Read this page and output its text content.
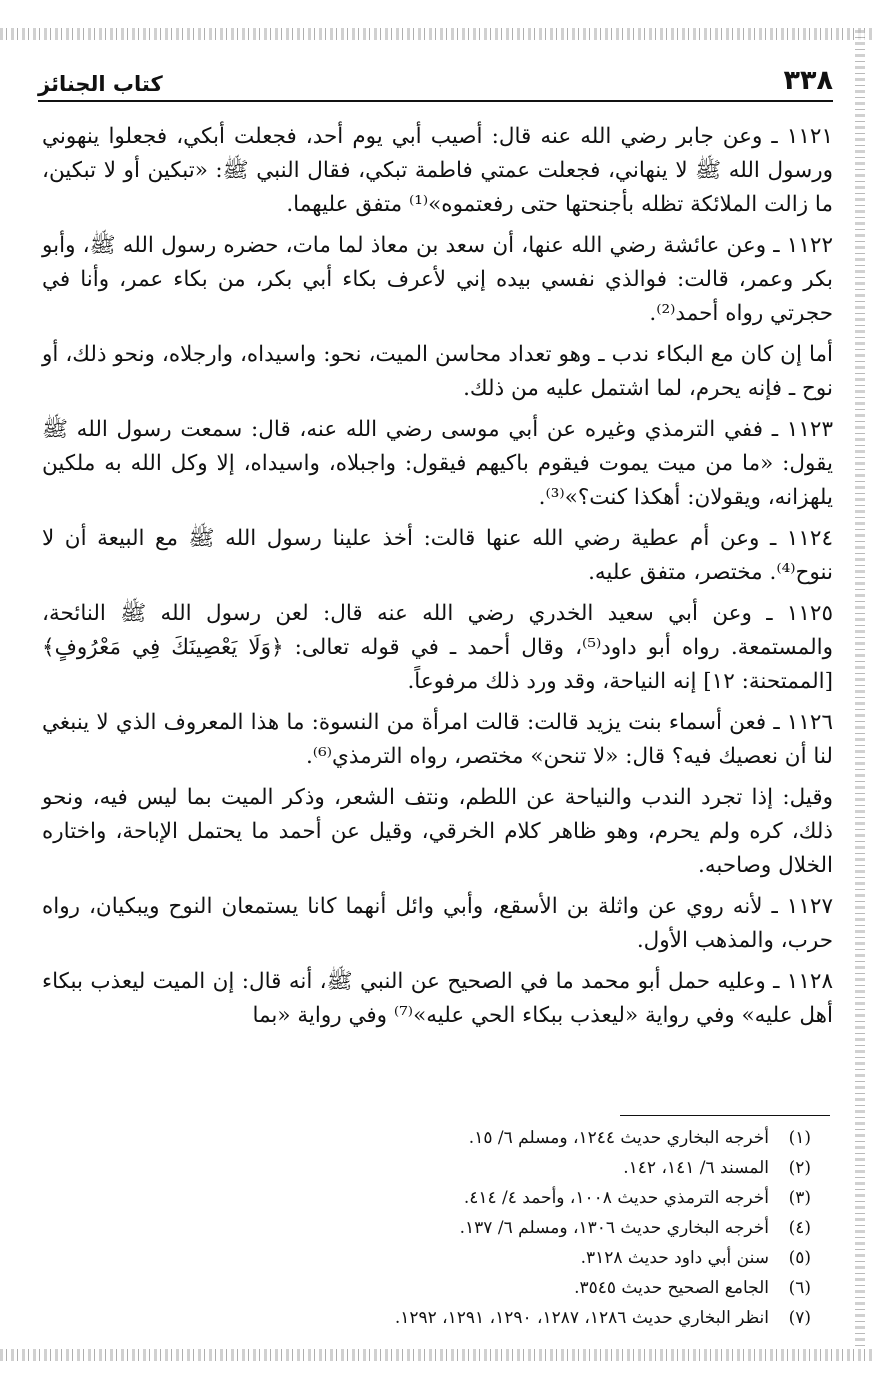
٣٣٨
كتاب الجنائز

١١٢١ ـ وعن جابر رضي الله عنه قال: أصيب أبي يوم أحد، فجعلت أبكي، فجعلوا ينهوني ورسول الله ﷺ لا ينهاني، فجعلت عمتي فاطمة تبكي، فقال النبي ﷺ: «تبكين أو لا تبكين، ما زالت الملائكة تظله بأجنحتها حتى رفعتموه»⁽¹⁾ متفق عليهما.

١١٢٢ ـ وعن عائشة رضي الله عنها، أن سعد بن معاذ لما مات، حضره رسول الله ﷺ، وأبو بكر وعمر، قالت: فوالذي نفسي بيده إني لأعرف بكاء أبي بكر، من بكاء عمر، وأنا في حجرتي رواه أحمد⁽²⁾.

أما إن كان مع البكاء ندب ـ وهو تعداد محاسن الميت، نحو: واسيداه، وارجلاه، ونحو ذلك، أو نوح ـ فإنه يحرم، لما اشتمل عليه من ذلك.

١١٢٣ ـ ففي الترمذي وغيره عن أبي موسى رضي الله عنه، قال: سمعت رسول الله ﷺ يقول: «ما من ميت يموت فيقوم باكيهم فيقول: واجبلاه، واسيداه، إلا وكل الله به ملكين يلهزانه، ويقولان: أهكذا كنت؟»⁽³⁾.

١١٢٤ ـ وعن أم عطية رضي الله عنها قالت: أخذ علينا رسول الله ﷺ مع البيعة أن لا ننوح⁽⁴⁾. مختصر، متفق عليه.

١١٢٥ ـ وعن أبي سعيد الخدري رضي الله عنه قال: لعن رسول الله ﷺ النائحة، والمستمعة. رواه أبو داود⁽⁵⁾، وقال أحمد ـ في قوله تعالى: ﴿وَلَا يَعْصِينَكَ فِي مَعْرُوفٍ﴾ [الممتحنة: ١٢] إنه النياحة، وقد ورد ذلك مرفوعاً.

١١٢٦ ـ فعن أسماء بنت يزيد قالت: قالت امرأة من النسوة: ما هذا المعروف الذي لا ينبغي لنا أن نعصيك فيه؟ قال: «لا تنحن» مختصر، رواه الترمذي⁽⁶⁾.

وقيل: إذا تجرد الندب والنياحة عن اللطم، ونتف الشعر، وذكر الميت بما ليس فيه، ونحو ذلك، كره ولم يحرم، وهو ظاهر كلام الخرقي، وقيل عن أحمد ما يحتمل الإباحة، واختاره الخلال وصاحبه.

١١٢٧ ـ لأنه روي عن واثلة بن الأسقع، وأبي وائل أنهما كانا يستمعان النوح ويبكيان، رواه حرب، والمذهب الأول.

١١٢٨ ـ وعليه حمل أبو محمد ما في الصحيح عن النبي ﷺ، أنه قال: إن الميت ليعذب ببكاء أهل عليه» وفي رواية «ليعذب ببكاء الحي عليه»⁽⁷⁾ وفي رواية «بما

(١)
أخرجه البخاري حديث ١٢٤٤، ومسلم ٦/ ١٥.
(٢)
المسند ٦/ ١٤١، ١٤٢.
(٣)
أخرجه الترمذي حديث ١٠٠٨، وأحمد ٤/ ٤١٤.
(٤)
أخرجه البخاري حديث ١٣٠٦، ومسلم ٦/ ١٣٧.
(٥)
سنن أبي داود حديث ٣١٢٨.
(٦)
الجامع الصحيح حديث ٣٥٤٥.
(٧)
انظر البخاري حديث ١٢٨٦، ١٢٨٧، ١٢٩٠، ١٢٩١، ١٢٩٢.
